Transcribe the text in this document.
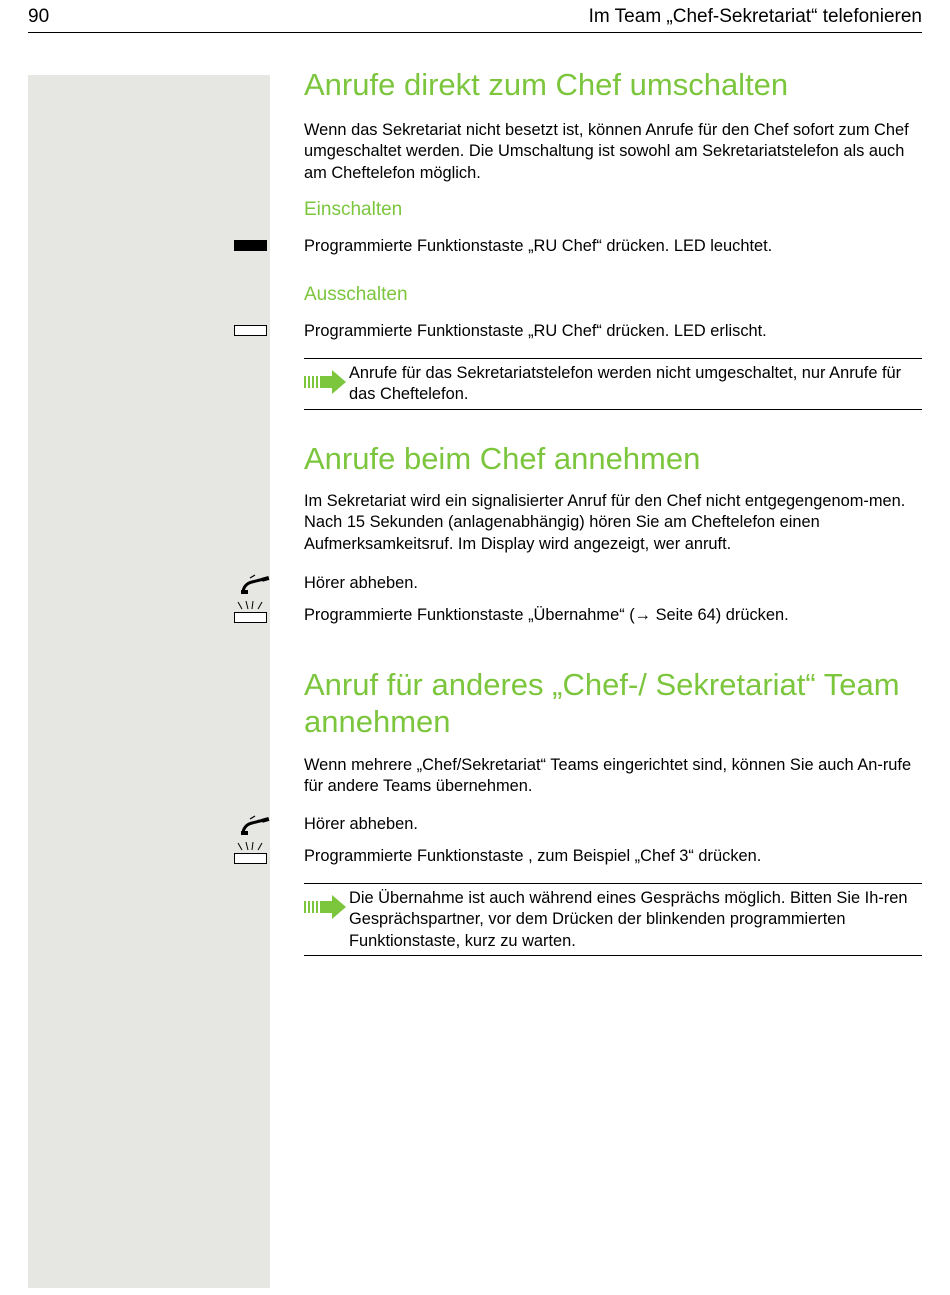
90	Im Team „Chef-Sekretariat“ telefonieren
Anrufe direkt zum Chef umschalten

Wenn das Sekretariat nicht besetzt ist, können Anrufe für den Chef sofort zum Chef umgeschaltet werden. Die Umschaltung ist sowohl am Sekretariatstelefon als auch am Cheftelefon möglich.

Einschalten
Programmierte Funktionstaste „RU Chef“ drücken. LED leuchtet.
Ausschalten
Programmierte Funktionstaste „RU Chef“ drücken. LED erlischt.
Anrufe für das Sekretariatstelefon werden nicht umgeschaltet, nur Anrufe für das Cheftelefon.
Anrufe beim Chef annehmen

Im Sekretariat wird ein signalisierter Anruf für den Chef nicht entgegengenom-men. Nach 15 Sekunden (anlagenabhängig) hören Sie am Cheftelefon einen Aufmerksamkeitsruf. Im Display wird angezeigt, wer anruft.

Hörer abheben.
Programmierte Funktionstaste „Übernahme“ (→ Seite 64) drücken.
Anruf für anderes „Chef-/ Sekretariat“ Team annehmen

Wenn mehrere „Chef/Sekretariat“ Teams eingerichtet sind, können Sie auch An-rufe für andere Teams übernehmen.

Hörer abheben.
Programmierte Funktionstaste , zum Beispiel „Chef 3“ drücken.
Die Übernahme ist auch während eines Gesprächs möglich. Bitten Sie Ih-ren Gesprächspartner, vor dem Drücken der blinkenden programmierten Funktionstaste, kurz zu warten.
